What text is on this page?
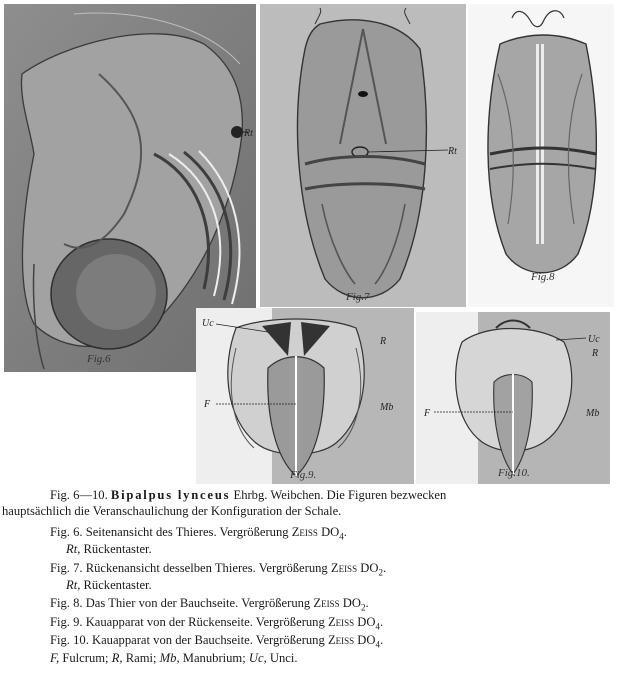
Rt
Fig.6
Rt
Fig.7
Fig.8
Uc
R
F	Mb
Fig.9.
Uc
R
F	Mb
Fig.10.
Fig. 6—10. Bipalpus lynceus Ehrbg. Weibchen. Die Figuren bezwecken
hauptsächlich die Veranschaulichung der Konfiguration der Schale.
Fig. 6. Seitenansicht des Thieres. Vergrößerung Zeiss $DO_4$.
Rt, Rückentaster.
Fig. 7. Rückenansicht desselben Thieres. Vergrößerung Zeiss $DO_2$.
Rt, Rückentaster.
Fig. 8. Das Thier von der Bauchseite. Vergrößerung Zeiss $DO_2$.
Fig. 9. Kauapparat von der Rückenseite. Vergrößerung Zeiss $DO_4$.
Fig. 10. Kauapparat von der Bauchseite. Vergrößerung Zeiss $DO_4$.
F, Fulcrum; R, Rami; Mb, Manubrium; Uc, Unci.
